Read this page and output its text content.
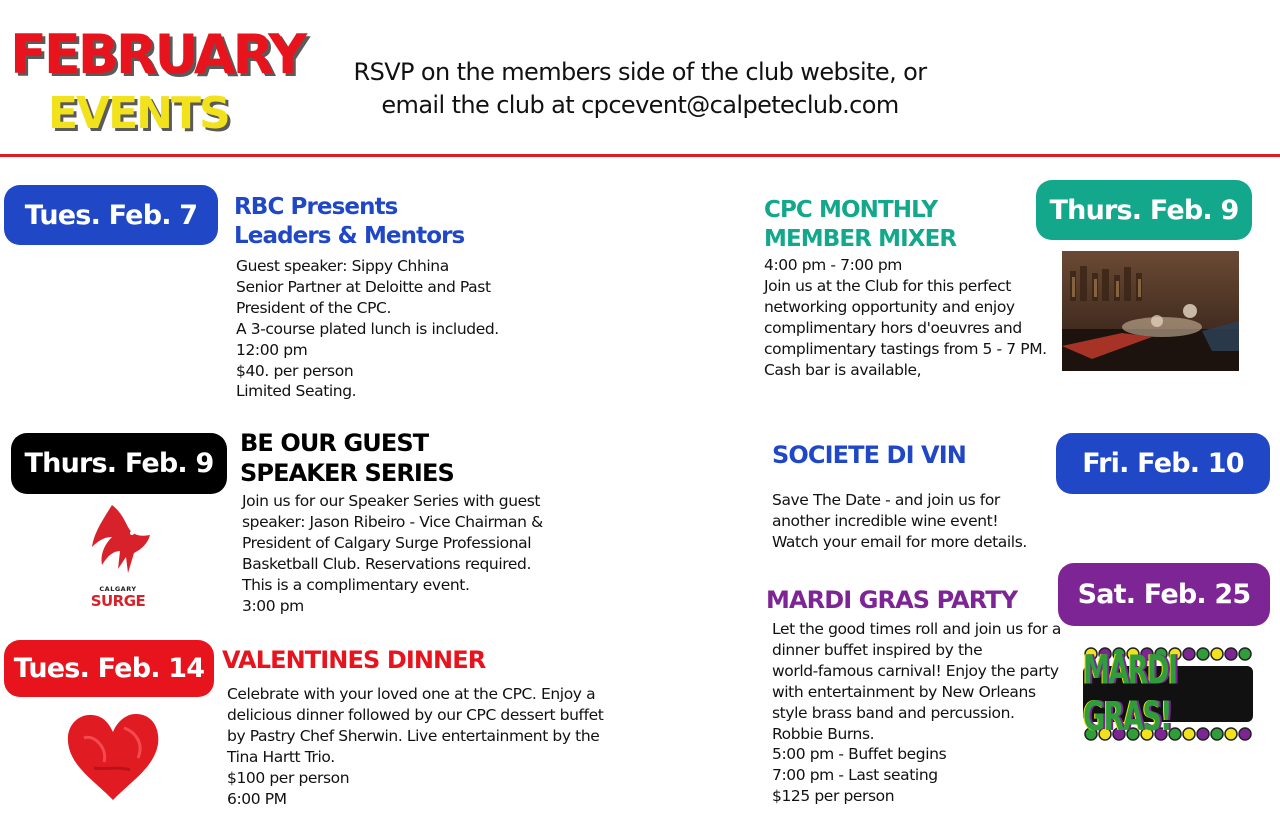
FEBRUARY
EVENTS
RSVP on the members side of the club website, or
email the club at cpcevent@calpeteclub.com
Tues. Feb. 7	RBC Presents
Leaders & Mentors
Guest speaker: Sippy Chhina
Senior Partner at Deloitte and Past
President of the CPC.
A 3-course plated lunch is included.
12:00 pm
$40. per person
Limited Seating.
CPC MONTHLY
MEMBER MIXER
Thurs. Feb. 9
4:00 pm - 7:00 pm
Join us at the Club for this perfect
networking opportunity and enjoy
complimentary hors d'oeuvres and
complimentary tastings from 5 - 7 PM.
Cash bar is available,
Thurs. Feb. 9
BE OUR GUEST
SPEAKER SERIES
Join us for our Speaker Series with guest
speaker: Jason Ribeiro - Vice Chairman &
President of Calgary Surge Professional
Basketball Club. Reservations required.
This is a complimentary event.
3:00 pm
CALGARY
SURGE
SOCIETE DI VIN	Fri. Feb. 10
Save The Date - and join us for
another incredible wine event!
Watch your email for more details.
Tues. Feb. 14 VALENTINES DINNER
Celebrate with your loved one at the CPC. Enjoy a
delicious dinner followed by our CPC dessert buffet
by Pastry Chef Sherwin. Live entertainment by the
Tina Hartt Trio.
$100 per person
6:00 PM
MARDI GRAS PARTY	Sat. Feb. 25
Let the good times roll and join us for a
dinner buffet inspired by the
world-famous carnival! Enjoy the party
with entertainment by New Orleans
style brass band and percussion.
Robbie Burns.
5:00 pm - Buffet begins
7:00 pm - Last seating
$125 per person
MARDI GRAS!
